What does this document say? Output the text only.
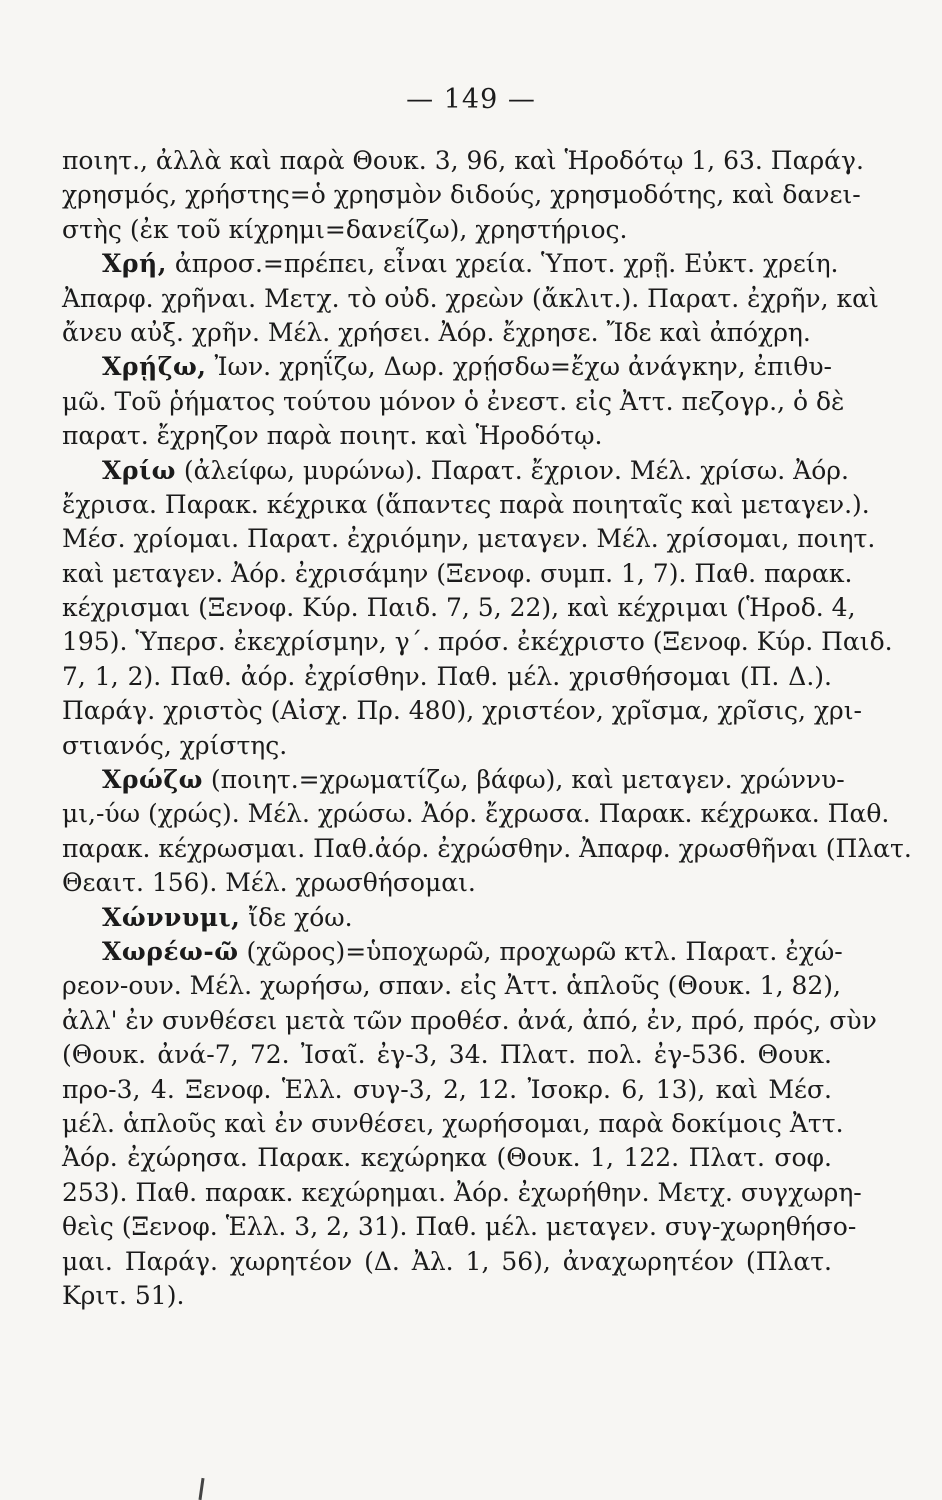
— 149 —
ποιητ., ἀλλὰ καὶ παρὰ Θουκ. 3, 96, καὶ Ἡροδότῳ 1, 63. Παράγ.
χρησμός, χρήστης=ὁ χρησμὸν διδούς, χρησμοδότης, καὶ δανει-
στὴς (ἐκ τοῦ κίχρημι=δανείζω), χρηστήριος.
Χρή, ἀπροσ.=πρέπει, εἶναι χρεία. Ὑποτ. χρῇ. Εὐκτ. χρείη.
Ἀπαρφ. χρῆναι. Μετχ. τὸ οὐδ. χρεὼν (ἄκλιτ.). Παρατ. ἐχρῆν, καὶ
ἄνευ αὐξ. χρῆν. Μέλ. χρήσει. Ἀόρ. ἔχρησε. Ἴδε καὶ ἀπόχρη.
Χρῄζω, Ἰων. χρηΐζω, Δωρ. χρῄσδω=ἔχω ἀνάγκην, ἐπιθυ-
μῶ. Τοῦ ῥήματος τούτου μόνον ὁ ἐνεστ. εἰς Ἀττ. πεζογρ., ὁ δὲ
παρατ. ἔχρηζον παρὰ ποιητ. καὶ Ἡροδότῳ.
Χρίω (ἀλείφω, μυρώνω). Παρατ. ἔχριον. Μέλ. χρίσω. Ἀόρ.
ἔχρισα. Παρακ. κέχρικα (ἅπαντες παρὰ ποιηταῖς καὶ μεταγεν.).
Μέσ. χρίομαι. Παρατ. ἐχριόμην, μεταγεν. Μέλ. χρίσομαι, ποιητ.
καὶ μεταγεν. Ἀόρ. ἐχρισάμην (Ξενοφ. συμπ. 1, 7). Παθ. παρακ.
κέχρισμαι (Ξενοφ. Κύρ. Παιδ. 7, 5, 22), καὶ κέχριμαι (Ἡροδ. 4,
195). Ὑπερσ. ἐκεχρίσμην, γ΄. πρόσ. ἐκέχριστο (Ξενοφ. Κύρ. Παιδ.
7, 1, 2). Παθ. ἀόρ. ἐχρίσθην. Παθ. μέλ. χρισθήσομαι (Π. Δ.).
Παράγ. χριστὸς (Αἰσχ. Πρ. 480), χριστέον, χρῖσμα, χρῖσις, χρι-
στιανός, χρίστης.
Χρώζω (ποιητ.=χρωματίζω, βάφω), καὶ μεταγεν. χρώννυ-
μι,-ύω (χρώς). Μέλ. χρώσω. Ἀόρ. ἔχρωσα. Παρακ. κέχρωκα. Παθ.
παρακ. κέχρωσμαι. Παθ.ἀόρ. ἐχρώσθην. Ἀπαρφ. χρωσθῆναι (Πλατ.
Θεαιτ. 156). Μέλ. χρωσθήσομαι.
Χώννυμι, ἴδε χόω.
Χωρέω-ῶ (χῶρος)=ὑποχωρῶ, προχωρῶ κτλ. Παρατ. ἐχώ-
ρεον-ουν. Μέλ. χωρήσω, σπαν. εἰς Ἀττ. ἁπλοῦς (Θουκ. 1, 82),
ἀλλ' ἐν συνθέσει μετὰ τῶν προθέσ. ἀνά, ἀπό, ἐν, πρό, πρός, σὺν
(Θουκ. ἀνά-7, 72. Ἰσαῖ. ἐγ-3, 34. Πλατ. πολ. ἐγ-536. Θουκ.
προ-3, 4. Ξενοφ. Ἑλλ. συγ-3, 2, 12. Ἰσοκρ. 6, 13), καὶ Μέσ.
μέλ. ἁπλοῦς καὶ ἐν συνθέσει, χωρήσομαι, παρὰ δοκίμοις Ἀττ.
Ἀόρ. ἐχώρησα. Παρακ. κεχώρηκα (Θουκ. 1, 122. Πλατ. σοφ.
253). Παθ. παρακ. κεχώρημαι. Ἀόρ. ἐχωρήθην. Μετχ. συγχωρη-
θεὶς (Ξενοφ. Ἑλλ. 3, 2, 31). Παθ. μέλ. μεταγεν. συγ-χωρηθήσο-
μαι. Παράγ. χωρητέον (Δ. Ἀλ. 1, 56), ἀναχωρητέον (Πλατ.
Κριτ. 51).
